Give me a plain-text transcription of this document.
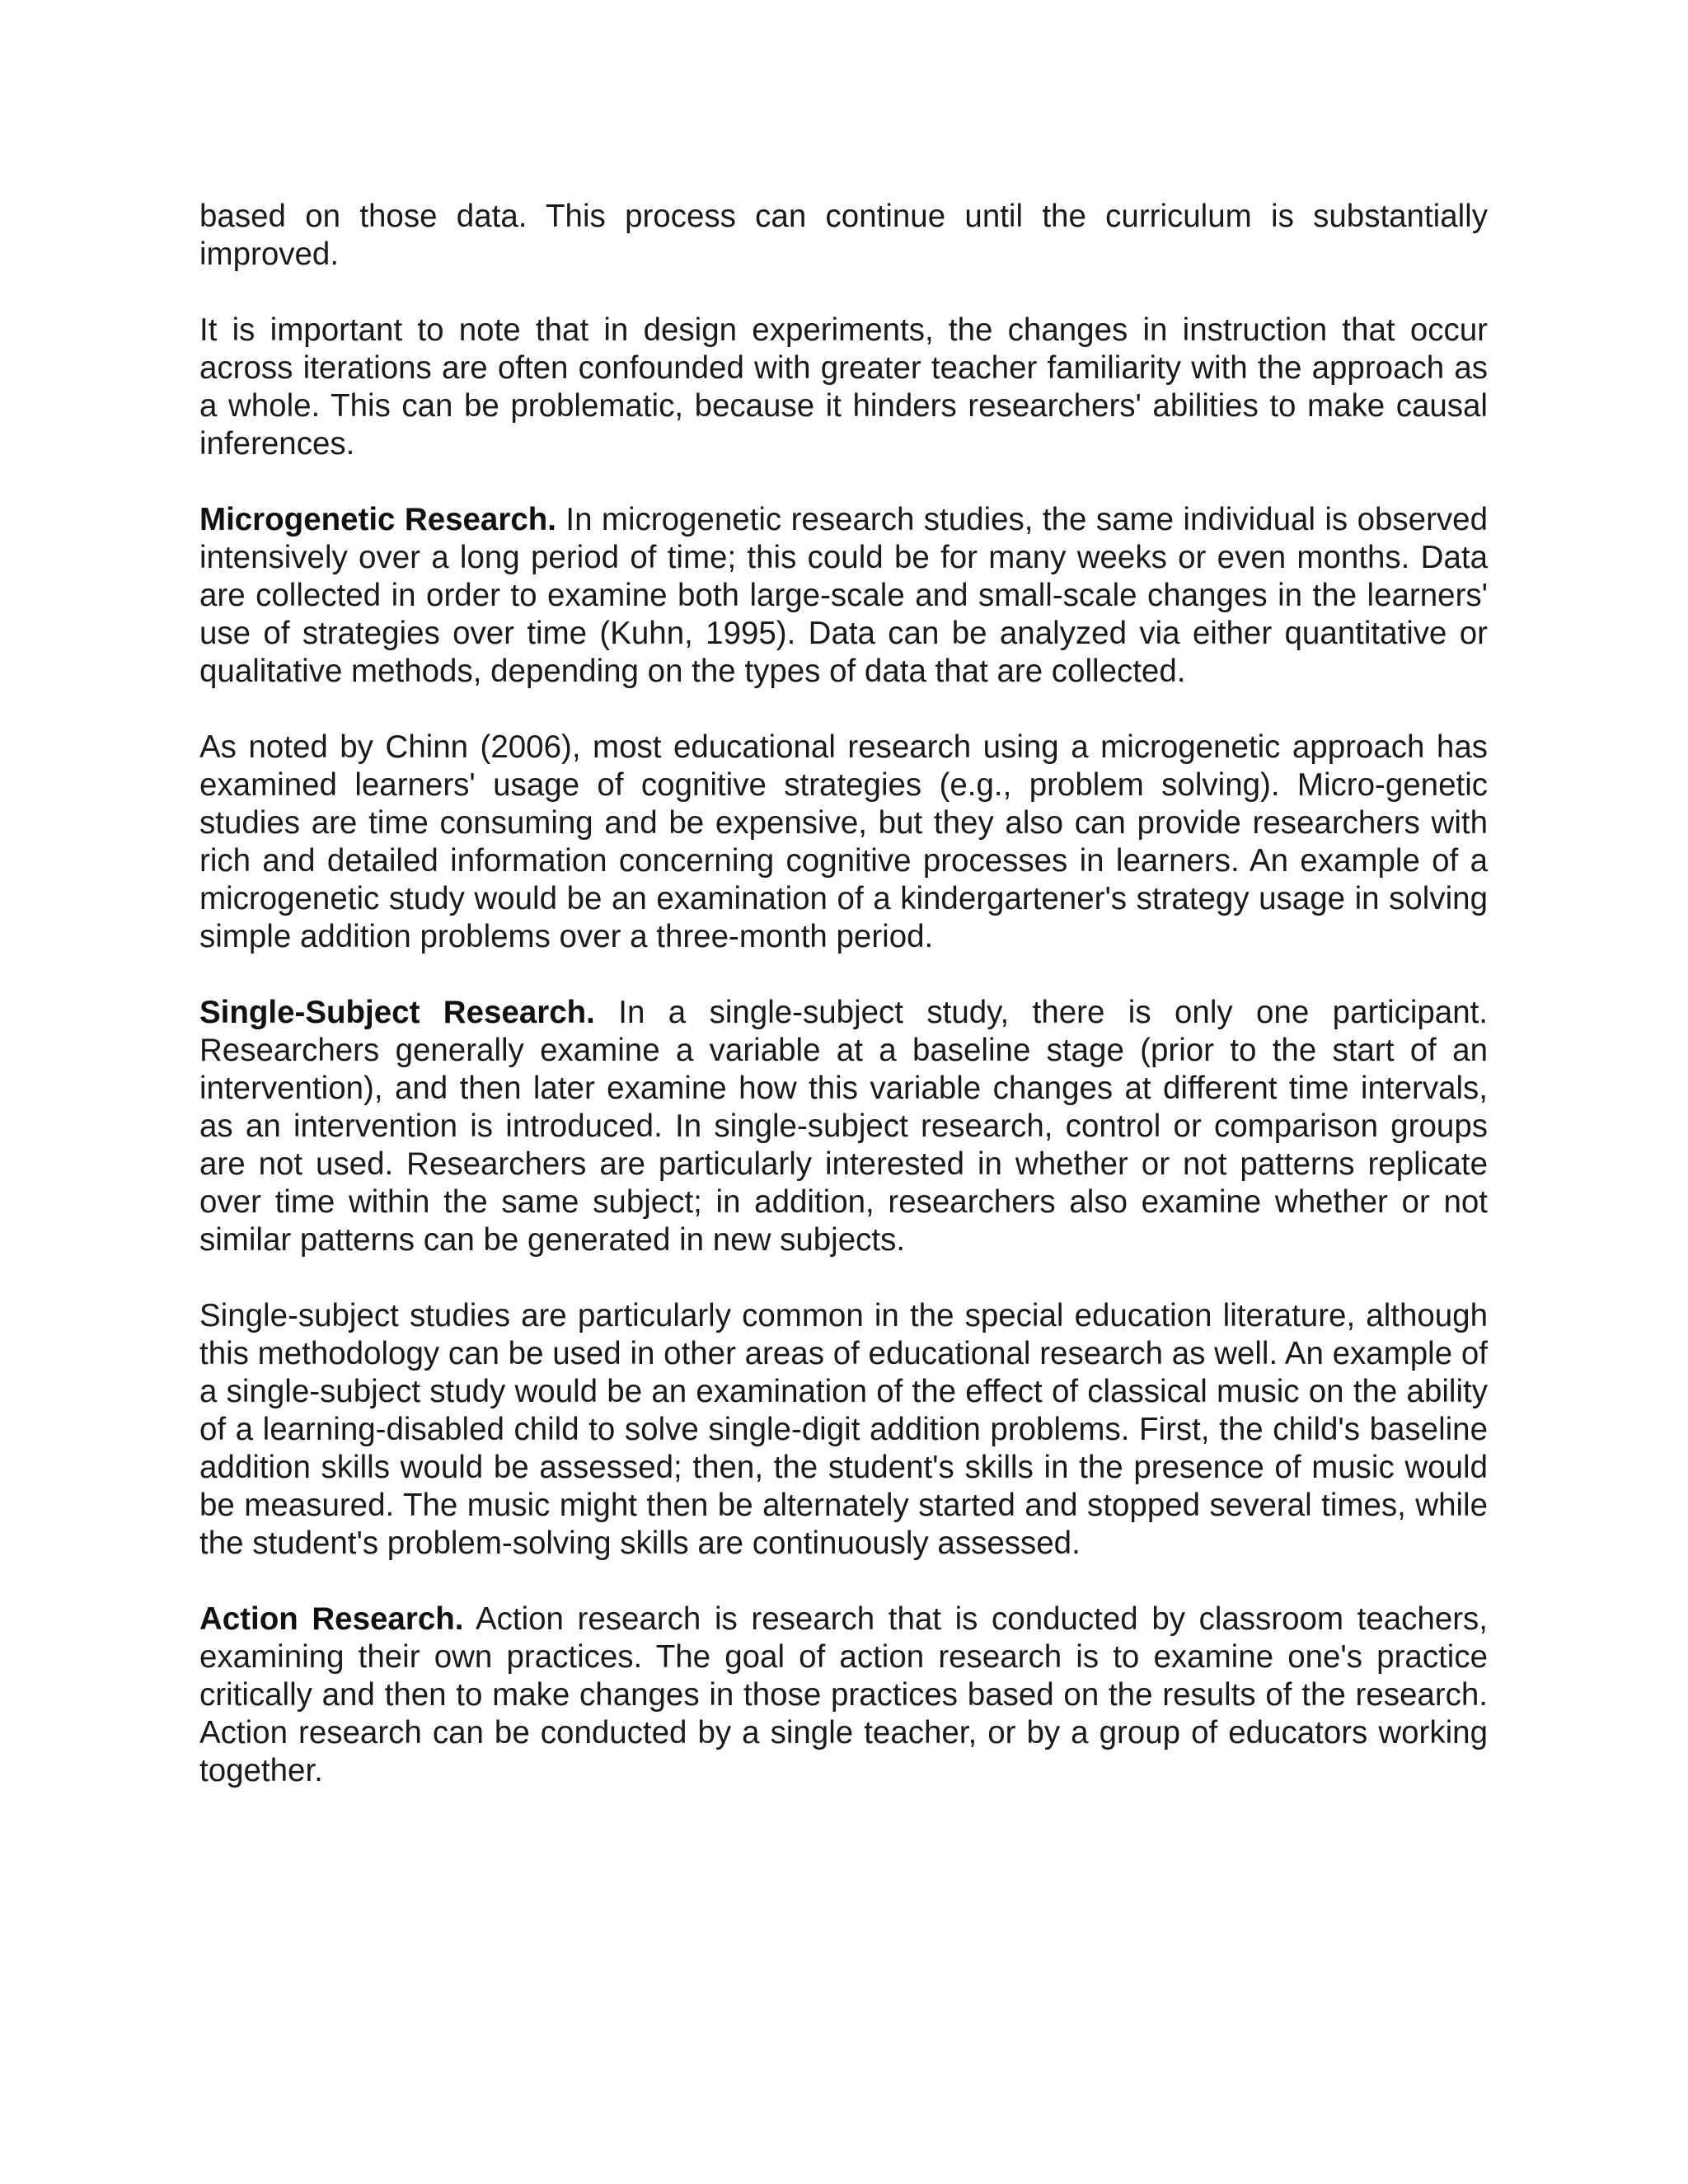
based on those data. This process can continue until the curriculum is substantially improved.

It is important to note that in design experiments, the changes in instruction that occur across iterations are often confounded with greater teacher familiarity with the approach as a whole. This can be problematic, because it hinders researchers' abilities to make causal inferences.

Microgenetic Research. In microgenetic research studies, the same individual is observed intensively over a long period of time; this could be for many weeks or even months. Data are collected in order to examine both large-scale and small-scale changes in the learners' use of strategies over time (Kuhn, 1995). Data can be analyzed via either quantitative or qualitative methods, depending on the types of data that are collected.

As noted by Chinn (2006), most educational research using a microgenetic approach has examined learners' usage of cognitive strategies (e.g., problem solving). Micro-genetic studies are time consuming and be expensive, but they also can provide researchers with rich and detailed information concerning cognitive processes in learners. An example of a microgenetic study would be an examination of a kindergartener's strategy usage in solving simple addition problems over a three-month period.

Single-Subject Research. In a single-subject study, there is only one participant. Researchers generally examine a variable at a baseline stage (prior to the start of an intervention), and then later examine how this variable changes at different time intervals, as an intervention is introduced. In single-subject research, control or comparison groups are not used. Researchers are particularly interested in whether or not patterns replicate over time within the same subject; in addition, researchers also examine whether or not similar patterns can be generated in new subjects.

Single-subject studies are particularly common in the special education literature, although this methodology can be used in other areas of educational research as well. An example of a single-subject study would be an examination of the effect of classical music on the ability of a learning-disabled child to solve single-digit addition problems. First, the child's baseline addition skills would be assessed; then, the student's skills in the presence of music would be measured. The music might then be alternately started and stopped several times, while the student's problem-solving skills are continuously assessed.

Action Research. Action research is research that is conducted by classroom teachers, examining their own practices. The goal of action research is to examine one's practice critically and then to make changes in those practices based on the results of the research. Action research can be conducted by a single teacher, or by a group of educators working together.
